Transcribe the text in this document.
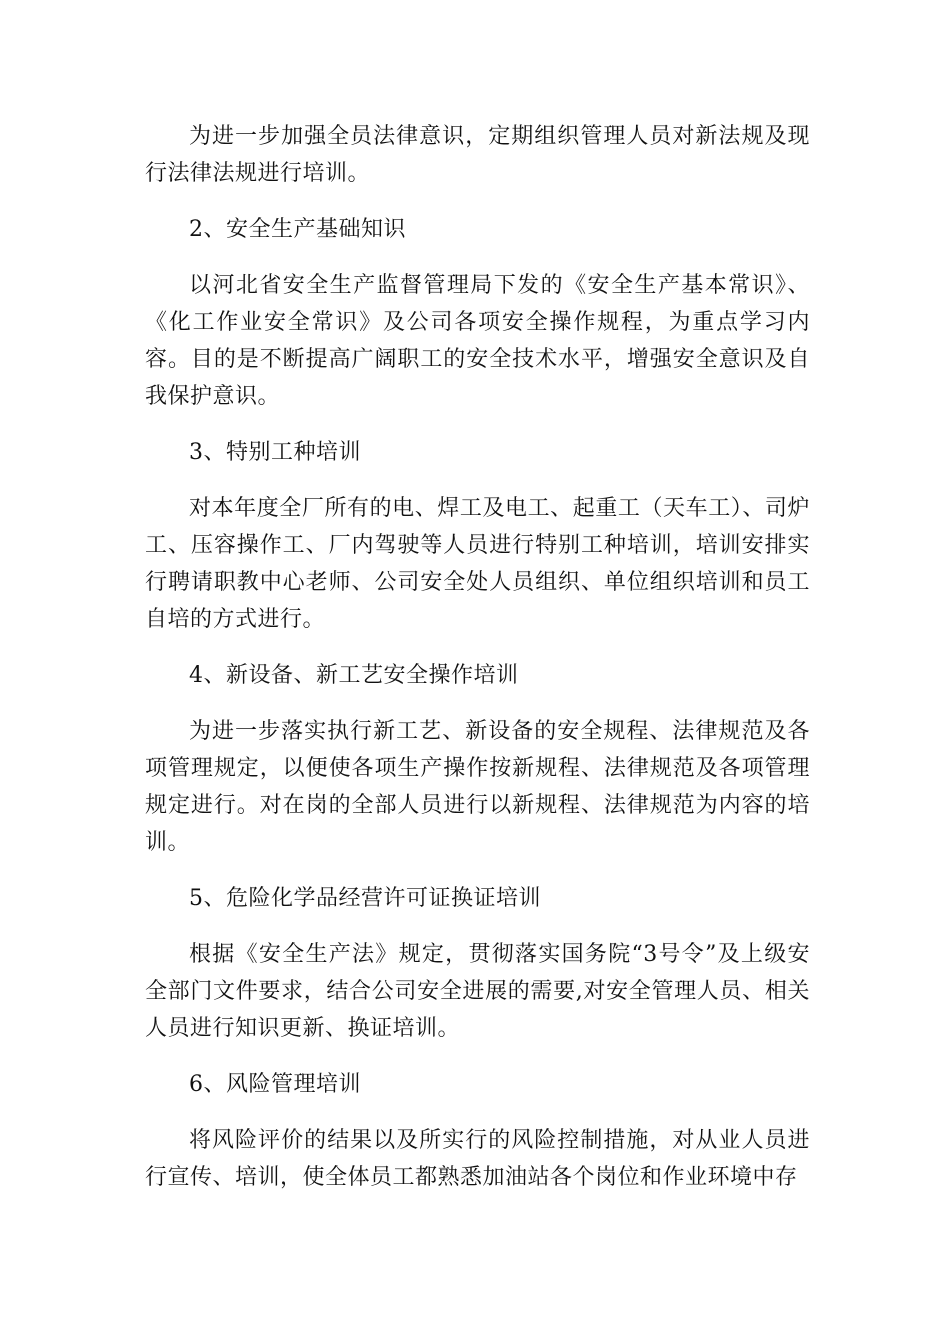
为进一步加强全员法律意识，定期组织管理人员对新法规及现行法律法规进行培训。

2、安全生产基础知识

以河北省安全生产监督管理局下发的《安全生产基本常识》、《化工作业安全常识》及公司各项安全操作规程，为重点学习内容。目的是不断提高广阔职工的安全技术水平，增强安全意识及自我保护意识。

3、特别工种培训

对本年度全厂所有的电、焊工及电工、起重工（天车工）、司炉工、压容操作工、厂内驾驶等人员进行特别工种培训，培训安排实行聘请职教中心老师、公司安全处人员组织、单位组织培训和员工自培的方式进行。

4、新设备、新工艺安全操作培训

为进一步落实执行新工艺、新设备的安全规程、法律规范及各项管理规定，以便使各项生产操作按新规程、法律规范及各项管理规定进行。对在岗的全部人员进行以新规程、法律规范为内容的培训。

5、危险化学品经营许可证换证培训

根据《安全生产法》规定，贯彻落实国务院“3号令”及上级安全部门文件要求，结合公司安全进展的需要,对安全管理人员、相关人员进行知识更新、换证培训。

6、风险管理培训

将风险评价的结果以及所实行的风险控制措施，对从业人员进行宣传、培训，使全体员工都熟悉加油站各个岗位和作业环境中存
